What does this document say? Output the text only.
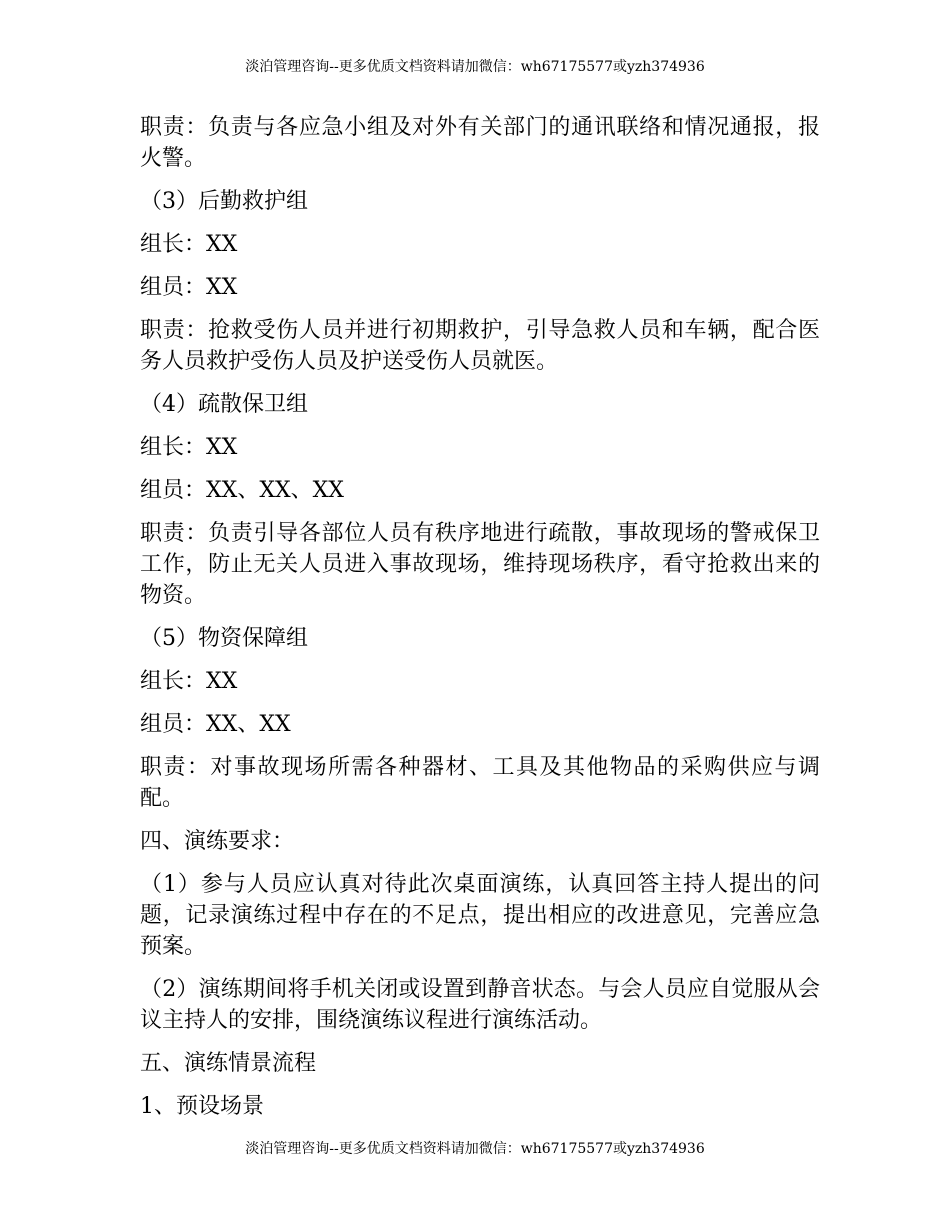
淡泊管理咨询--更多优质文档资料请加微信：wh67175577或yzh374936

职责：负责与各应急小组及对外有关部门的通讯联络和情况通报，报火警。

（3）后勤救护组

组长：XX

组员：XX

职责：抢救受伤人员并进行初期救护，引导急救人员和车辆，配合医务人员救护受伤人员及护送受伤人员就医。

（4）疏散保卫组

组长：XX

组员：XX、XX、XX

职责：负责引导各部位人员有秩序地进行疏散，事故现场的警戒保卫工作，防止无关人员进入事故现场，维持现场秩序，看守抢救出来的物资。

（5）物资保障组

组长：XX

组员：XX、XX

职责：对事故现场所需各种器材、工具及其他物品的采购供应与调配。

四、演练要求：

（1）参与人员应认真对待此次桌面演练，认真回答主持人提出的问题，记录演练过程中存在的不足点，提出相应的改进意见，完善应急预案。

（2）演练期间将手机关闭或设置到静音状态。与会人员应自觉服从会议主持人的安排，围绕演练议程进行演练活动。

五、演练情景流程

1、预设场景

淡泊管理咨询--更多优质文档资料请加微信：wh67175577或yzh374936
